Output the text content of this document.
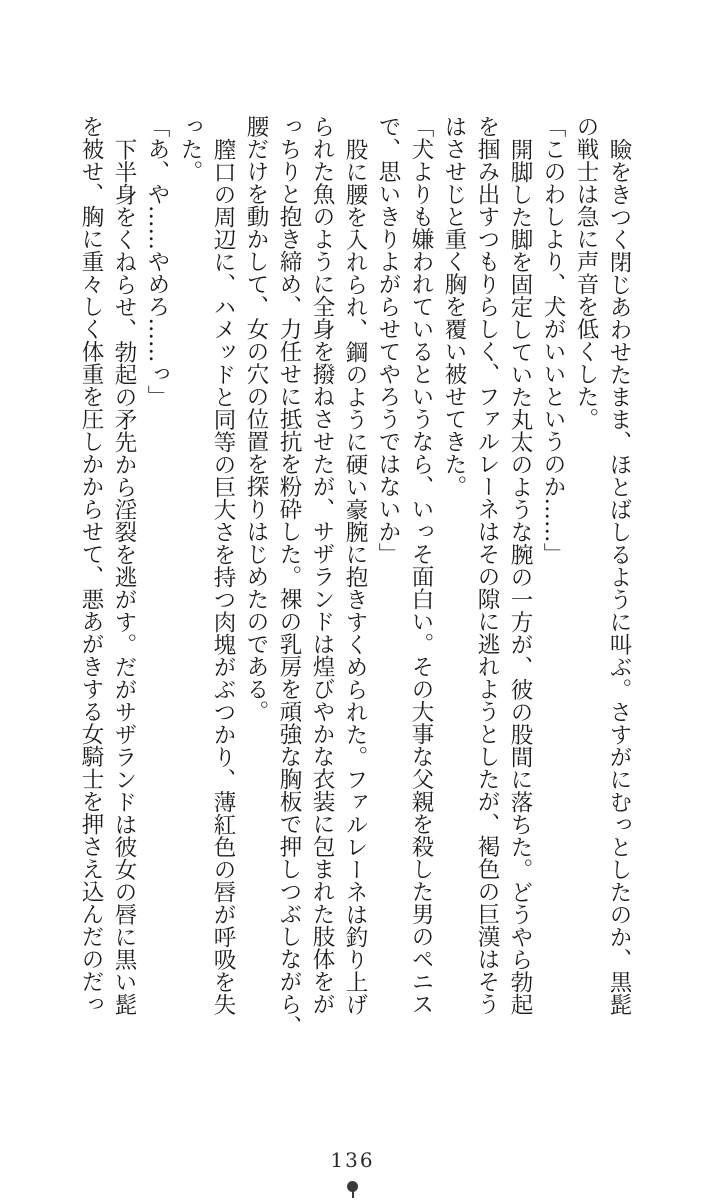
瞼をきつく閉じあわせたまま、ほとばしるように叫ぶ。さすがにむっとしたのか、黒髭
の戦士は急に声音を低くした。
「このわしより、犬がいいというのか……」
開脚した脚を固定していた丸太のような腕の一方が、彼の股間に落ちた。どうやら勃起
を掴み出すつもりらしく、ファルレーネはその隙に逃れようとしたが、褐色の巨漢はそう
はさせじと重く胸を覆い被せてきた。
「犬よりも嫌われているというなら、いっそ面白い。その大事な父親を殺した男のペニス
で、思いきりよがらせてやろうではないか」
股に腰を入れられ、鋼のように硬い豪腕に抱きすくめられた。ファルレーネは釣り上げ
られた魚のように全身を撥ねさせたが、サザランドは煌びやかな衣装に包まれた肢体をが
っちりと抱き締め、力任せに抵抗を粉砕した。裸の乳房を頑強な胸板で押しつぶしながら、
腰だけを動かして、女の穴の位置を探りはじめたのである。
膣口の周辺に、ハメッドと同等の巨大さを持つ肉塊がぶつかり、薄紅色の唇が呼吸を失
った。
「あ、や……やめろ……っ」
下半身をくねらせ、勃起の矛先から淫裂を逃がす。だがサザランドは彼女の唇に黒い髭
を被せ、胸に重々しく体重を圧しかからせて、悪あがきする女騎士を押さえ込んだのだっ
136
